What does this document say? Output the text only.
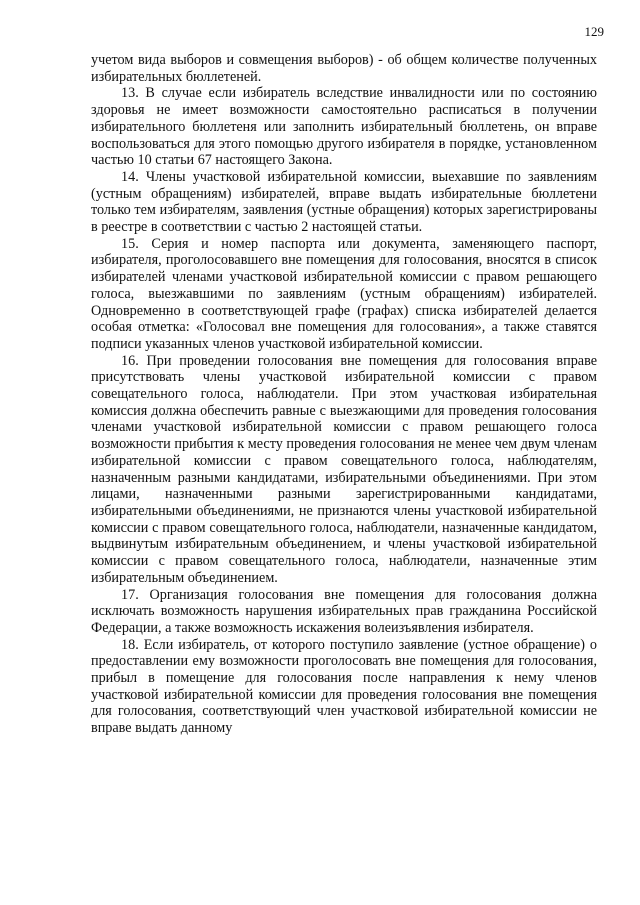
129

учетом вида выборов и совмещения выборов) - об общем количестве полученных избирательных бюллетеней.

13. В случае если избиратель вследствие инвалидности или по состоянию здоровья не имеет возможности самостоятельно расписаться в получении избирательного бюллетеня или заполнить избирательный бюллетень, он вправе воспользоваться для этого помощью другого избирателя в порядке, установленном частью 10 статьи 67 настоящего Закона.

14. Члены участковой избирательной комиссии, выехавшие по заявлениям (устным обращениям) избирателей, вправе выдать избирательные бюллетени только тем избирателям, заявления (устные обращения) которых зарегистрированы в реестре в соответствии с частью 2 настоящей статьи.

15. Серия и номер паспорта или документа, заменяющего паспорт, избирателя, проголосовавшего вне помещения для голосования, вносятся в список избирателей членами участковой избирательной комиссии с правом решающего голоса, выезжавшими по заявлениям (устным обращениям) избирателей. Одновременно в соответствующей графе (графах) списка избирателей делается особая отметка: «Голосовал вне помещения для голосования», а также ставятся подписи указанных членов участковой избирательной комиссии.

16. При проведении голосования вне помещения для голосования вправе присутствовать члены участковой избирательной комиссии с правом совещательного голоса, наблюдатели. При этом участковая избирательная комиссия должна обеспечить равные с выезжающими для проведения голосования членами участковой избирательной комиссии с правом решающего голоса возможности прибытия к месту проведения голосования не менее чем двум членам избирательной комиссии с правом совещательного голоса, наблюдателям, назначенным разными кандидатами, избирательными объединениями. При этом лицами, назначенными разными зарегистрированными кандидатами, избирательными объединениями, не признаются члены участковой избирательной комиссии с правом совещательного голоса, наблюдатели, назначенные кандидатом, выдвинутым избирательным объединением, и члены участковой избирательной комиссии с правом совещательного голоса, наблюдатели, назначенные этим избирательным объединением.

17. Организация голосования вне помещения для голосования должна исключать возможность нарушения избирательных прав гражданина Российской Федерации, а также возможность искажения волеизъявления избирателя.

18. Если избиратель, от которого поступило заявление (устное обращение) о предоставлении ему возможности проголосовать вне помещения для голосования, прибыл в помещение для голосования после направления к нему членов участковой избирательной комиссии для проведения голосования вне помещения для голосования, соответствующий член участковой избирательной комиссии не вправе выдать данному
